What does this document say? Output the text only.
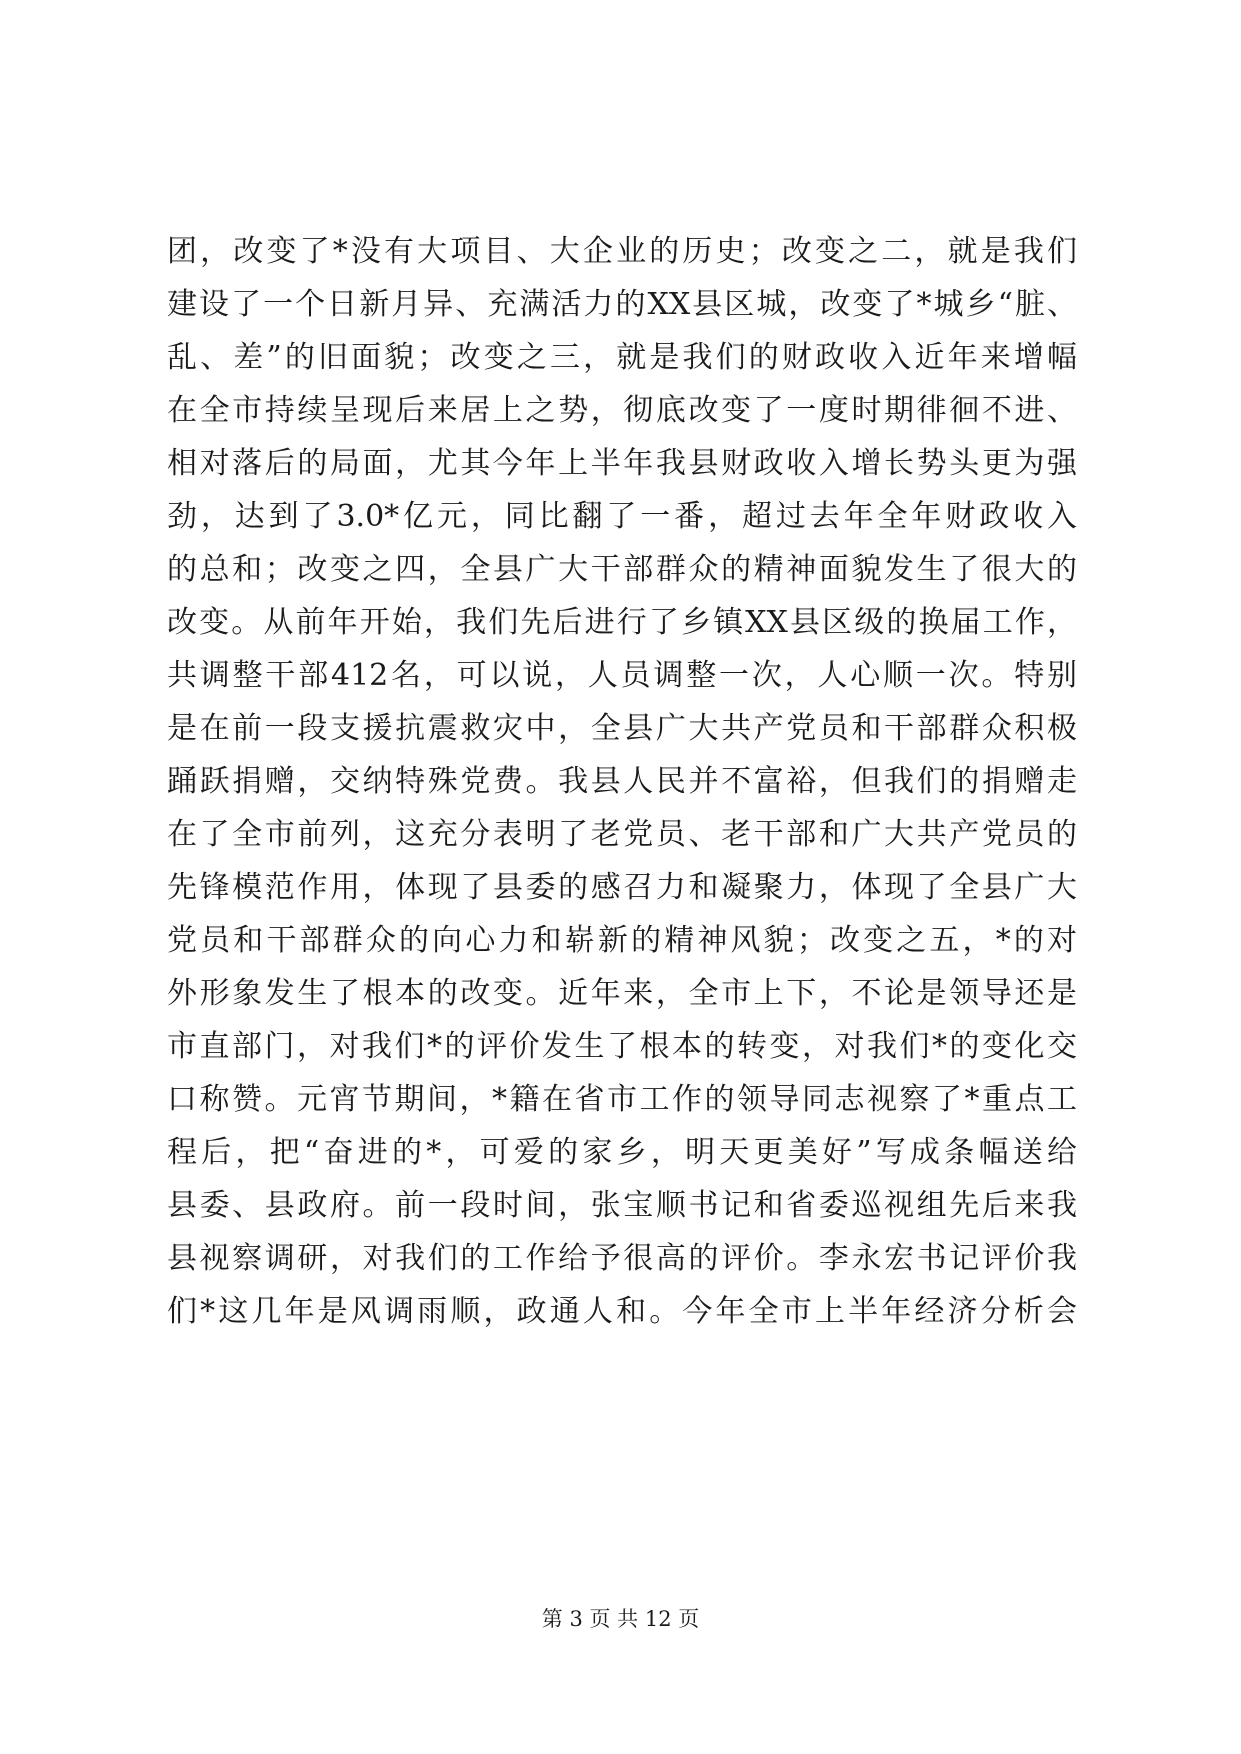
团，改变了*没有大项目、大企业的历史；改变之二，就是我们
建设了一个日新月异、充满活力的XX县区城，改变了*城乡“脏、
乱、差”的旧面貌；改变之三，就是我们的财政收入近年来增幅
在全市持续呈现后来居上之势，彻底改变了一度时期徘徊不进、
相对落后的局面，尤其今年上半年我县财政收入增长势头更为强
劲，达到了3.0*亿元，同比翻了一番，超过去年全年财政收入
的总和；改变之四，全县广大干部群众的精神面貌发生了很大的
改变。从前年开始，我们先后进行了乡镇XX县区级的换届工作，
共调整干部412名，可以说，人员调整一次，人心顺一次。特别
是在前一段支援抗震救灾中，全县广大共产党员和干部群众积极
踊跃捐赠，交纳特殊党费。我县人民并不富裕，但我们的捐赠走
在了全市前列，这充分表明了老党员、老干部和广大共产党员的
先锋模范作用，体现了县委的感召力和凝聚力，体现了全县广大
党员和干部群众的向心力和崭新的精神风貌；改变之五，*的对
外形象发生了根本的改变。近年来，全市上下，不论是领导还是
市直部门，对我们*的评价发生了根本的转变，对我们*的变化交
口称赞。元宵节期间，*籍在省市工作的领导同志视察了*重点工
程后，把“奋进的*，可爱的家乡，明天更美好”写成条幅送给
县委、县政府。前一段时间，张宝顺书记和省委巡视组先后来我
县视察调研，对我们的工作给予很高的评价。李永宏书记评价我
们*这几年是风调雨顺，政通人和。今年全市上半年经济分析会
第 3 页 共 12 页
